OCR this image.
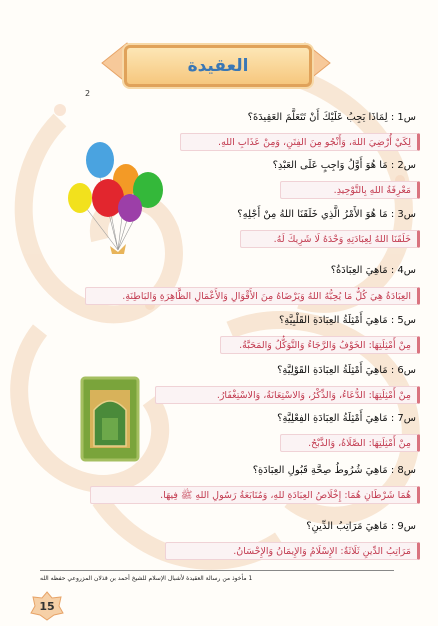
العقيدة
2
س1 : لِمَاذَا يَجِبُ عَلَيْكَ أَنْ تَتَعَلَّمَ العَقِيدَةَ؟
لِكَيْ أُرْضِيَ اللهَ، وَأَنْجُو مِنَ الفِتَنِ، وَمِنْ عَذَابِ اللهِ.
س2 : مَا هُوَ أَوَّلُ وَاجِبٍ عَلَى العَبْدِ؟
مَعْرِفَةُ اللهِ بِالتَّوْحِيدِ.
س3 : مَا هُوَ الأَمْرُ الَّذِي خَلَقَنَا اللهُ مِنْ أَجْلِهِ؟
خَلَقَنَا اللهُ لِعِبَادَتِهِ وَحْدَهُ لَا شَرِيكَ لَهُ.
س4 : مَاهِيَ العِبَادَةُ؟
العِبَادَةُ هِيَ كُلُّ مَا يُحِبُّهُ اللهُ وَيَرْضَاهُ مِنَ الأَقْوَالِ وَالأَعْمَالِ الظَّاهِرَةِ وَالبَاطِنَةِ.
س5 : مَاهِيَ أَمْثِلَةُ العِبَادَةِ القَلْبِيَّةِ؟
مِنْ أَمْثِلَتِهَا: الخَوْفُ وَالرَّجَاءُ وَالتَّوَكُّلُ وَالمَحَبَّةُ.
س6 : مَاهِيَ أَمْثِلَةُ العِبَادَةِ القَوْلِيَّةِ؟
مِنْ أَمْثِلَتِهَا: الدُّعَاءُ، وَالذِّكْرُ، وَالاسْتِعَانَةُ، وَالاسْتِغْفَارُ.
س7 : مَاهِيَ أَمْثِلَةُ العِبَادَةِ الفِعْلِيَّةِ؟
مِنْ أَمْثِلَتِهَا: الصَّلَاةُ، وَالذَّبْحُ.
س8 : مَاهِيَ شُرُوطُ صِحَّةِ قَبُولِ العِبَادَةِ؟
هُمَا شَرْطَانِ هُمَا: إِخْلَاصُ العِبَادَةِ للهِ، وَمُتَابَعَةُ رَسُولِ اللهِ ﷺ فِيهَا.
س9 : مَاهِيَ مَرَاتِبُ الدِّينِ؟
مَرَاتِبُ الدِّينِ ثَلَاثَةٌ: الإِسْلَامُ وَالإِيمَانُ وَالإِحْسَانُ.
1 مأخوذ من رسالة العقيدة لأشبال الإسلام للشيخ أحمد بن قذلان المزروعي حفظه الله
15
